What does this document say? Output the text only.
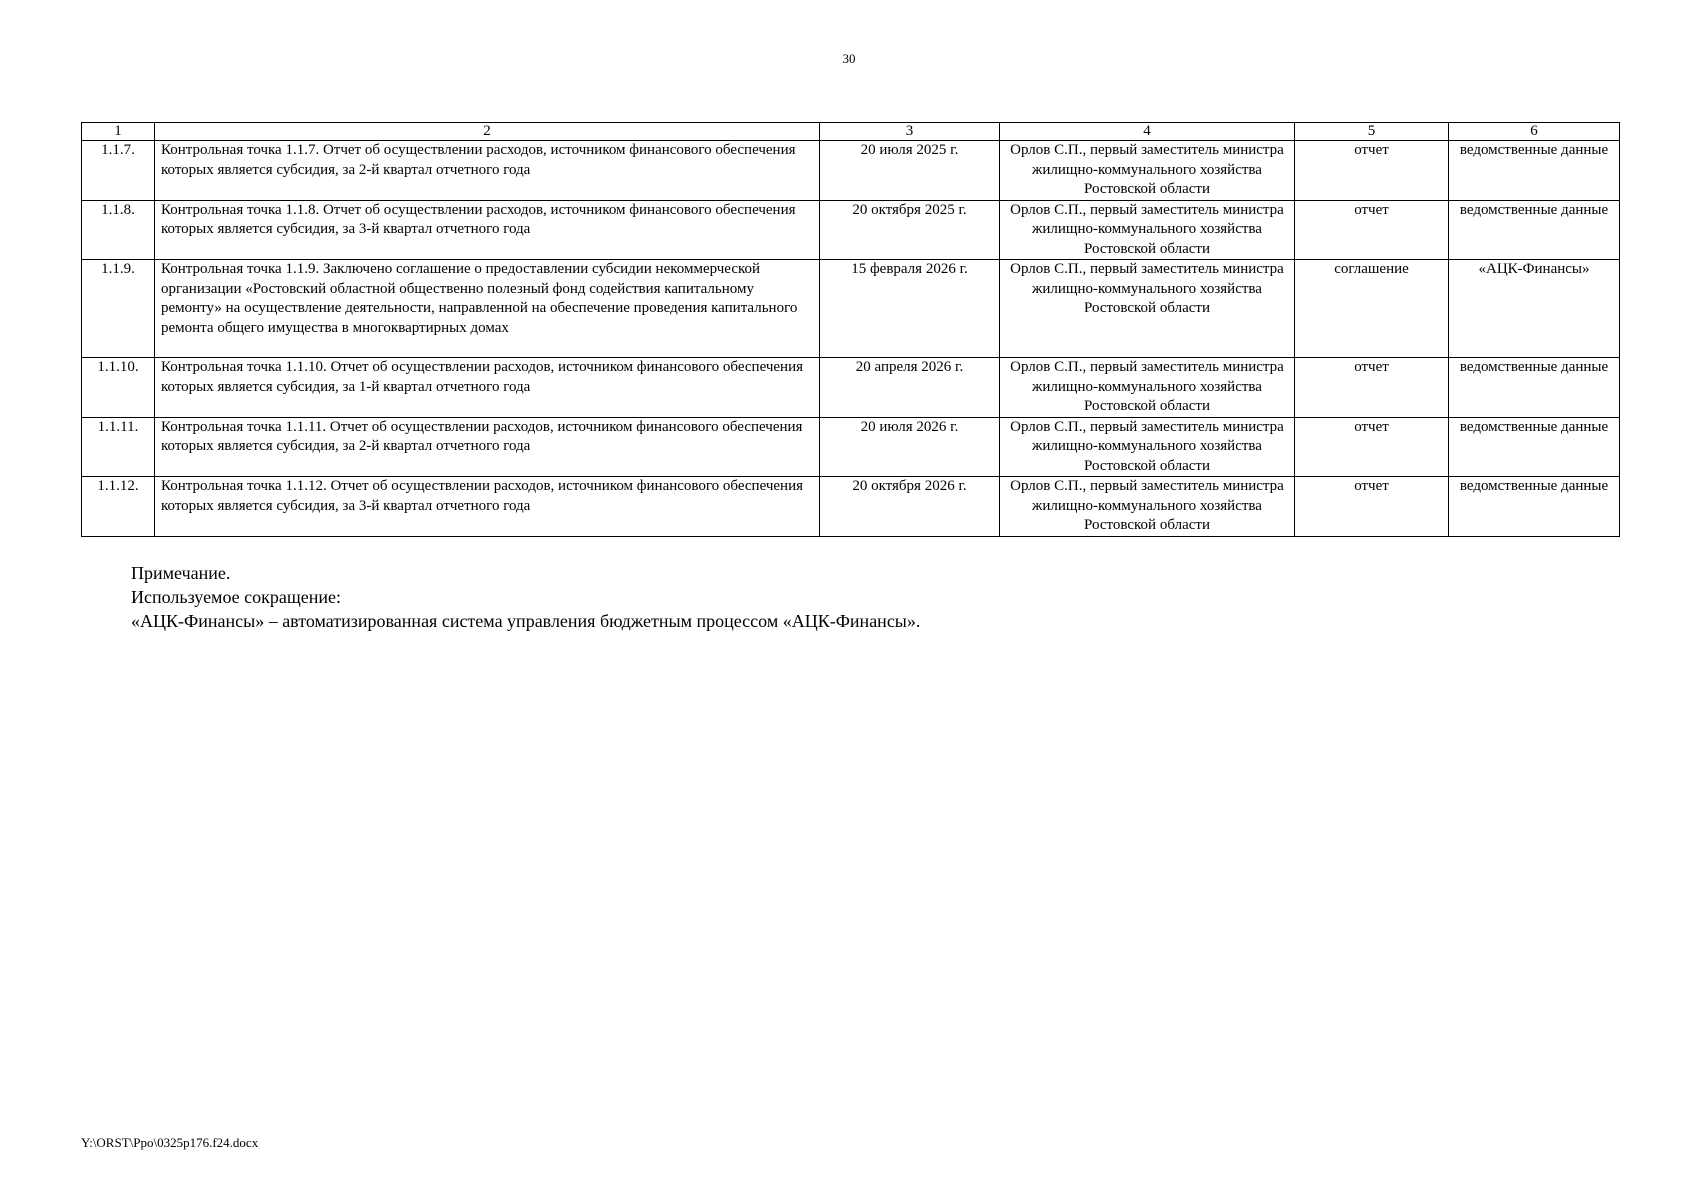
30
1	2	3	4	5	6
1.1.7.	Контрольная точка 1.1.7. Отчет об осуществлении расходов, источником финансового обеспечения которых является субсидия, за 2-й квартал отчетного года	20 июля 2025 г.	Орлов С.П., первый заместитель министра жилищно-коммунального хозяйства Ростовской области	отчет	ведомственные данные
1.1.8.	Контрольная точка 1.1.8. Отчет об осуществлении расходов, источником финансового обеспечения которых является субсидия, за 3-й квартал отчетного года	20 октября 2025 г.	Орлов С.П., первый заместитель министра жилищно-коммунального хозяйства Ростовской области	отчет	ведомственные данные
1.1.9.	Контрольная точка 1.1.9. Заключено соглашение о предоставлении субсидии некоммерческой организации «Ростовский областной общественно полезный фонд содействия капитальному ремонту» на осуществление деятельности, направленной на обеспечение проведения капитального ремонта общего имущества в многоквартирных домах	15 февраля 2026 г.	Орлов С.П., первый заместитель министра жилищно-коммунального хозяйства Ростовской области	соглашение	«АЦК-Финансы»
1.1.10.	Контрольная точка 1.1.10. Отчет об осуществлении расходов, источником финансового обеспечения которых является субсидия, за 1-й квартал отчетного года	20 апреля 2026 г.	Орлов С.П., первый заместитель министра жилищно-коммунального хозяйства Ростовской области	отчет	ведомственные данные
1.1.11.	Контрольная точка 1.1.11. Отчет об осуществлении расходов, источником финансового обеспечения которых является субсидия, за 2-й квартал отчетного года	20 июля 2026 г.	Орлов С.П., первый заместитель министра жилищно-коммунального хозяйства Ростовской области	отчет	ведомственные данные
1.1.12.	Контрольная точка 1.1.12. Отчет об осуществлении расходов, источником финансового обеспечения которых является субсидия, за 3-й квартал отчетного года	20 октября 2026 г.	Орлов С.П., первый заместитель министра жилищно-коммунального хозяйства Ростовской области	отчет	ведомственные данные
Примечание.
Используемое сокращение:
«АЦК-Финансы» – автоматизированная система управления бюджетным процессом «АЦК-Финансы».
Y:\ORST\Ppo\0325p176.f24.docx
